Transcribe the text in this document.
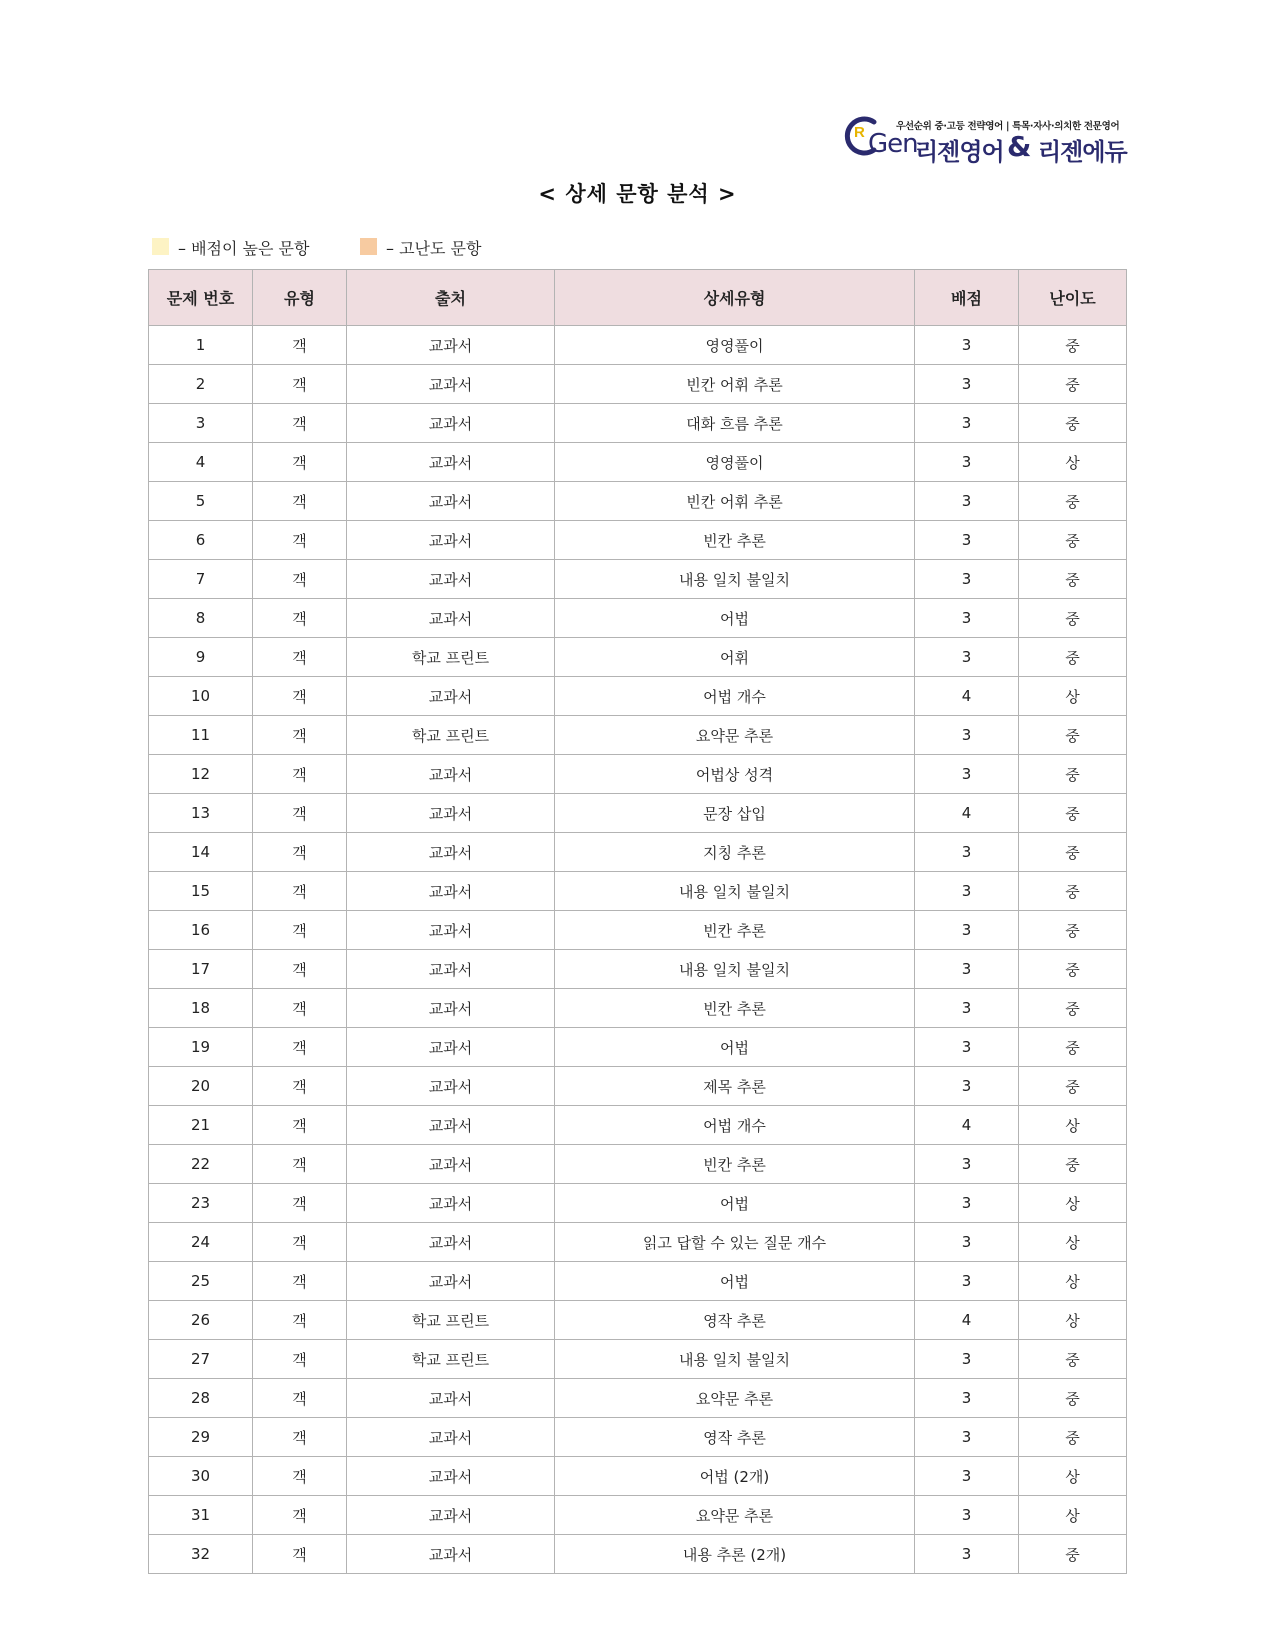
R	우선순위 중·고등 전략영어 | 특목·자사·의치한 전문영어
Gen
리젠영어 & 리젠에듀
< 상세 문항 분석 >
– 배점이 높은 문항	– 고난도 문항
문제 번호	유형	출처	상세유형	배점	난이도
1	객	교과서	영영풀이	3	중
2	객	교과서	빈칸 어휘 추론	3	중
3	객	교과서	대화 흐름 추론	3	중
4	객	교과서	영영풀이	3	상
5	객	교과서	빈칸 어휘 추론	3	중
6	객	교과서	빈칸 추론	3	중
7	객	교과서	내용 일치 불일치	3	중
8	객	교과서	어법	3	중
9	객	학교 프린트	어휘	3	중
10	객	교과서	어법 개수	4	상
11	객	학교 프린트	요약문 추론	3	중
12	객	교과서	어법상 성격	3	중
13	객	교과서	문장 삽입	4	중
14	객	교과서	지칭 추론	3	중
15	객	교과서	내용 일치 불일치	3	중
16	객	교과서	빈칸 추론	3	중
17	객	교과서	내용 일치 불일치	3	중
18	객	교과서	빈칸 추론	3	중
19	객	교과서	어법	3	중
20	객	교과서	제목 추론	3	중
21	객	교과서	어법 개수	4	상
22	객	교과서	빈칸 추론	3	중
23	객	교과서	어법	3	상
24	객	교과서	읽고 답할 수 있는 질문 개수	3	상
25	객	교과서	어법	3	상
26	객	학교 프린트	영작 추론	4	상
27	객	학교 프린트	내용 일치 불일치	3	중
28	객	교과서	요약문 추론	3	중
29	객	교과서	영작 추론	3	중
30	객	교과서	어법 (2개)	3	상
31	객	교과서	요약문 추론	3	상
32	객	교과서	내용 추론 (2개)	3	중
